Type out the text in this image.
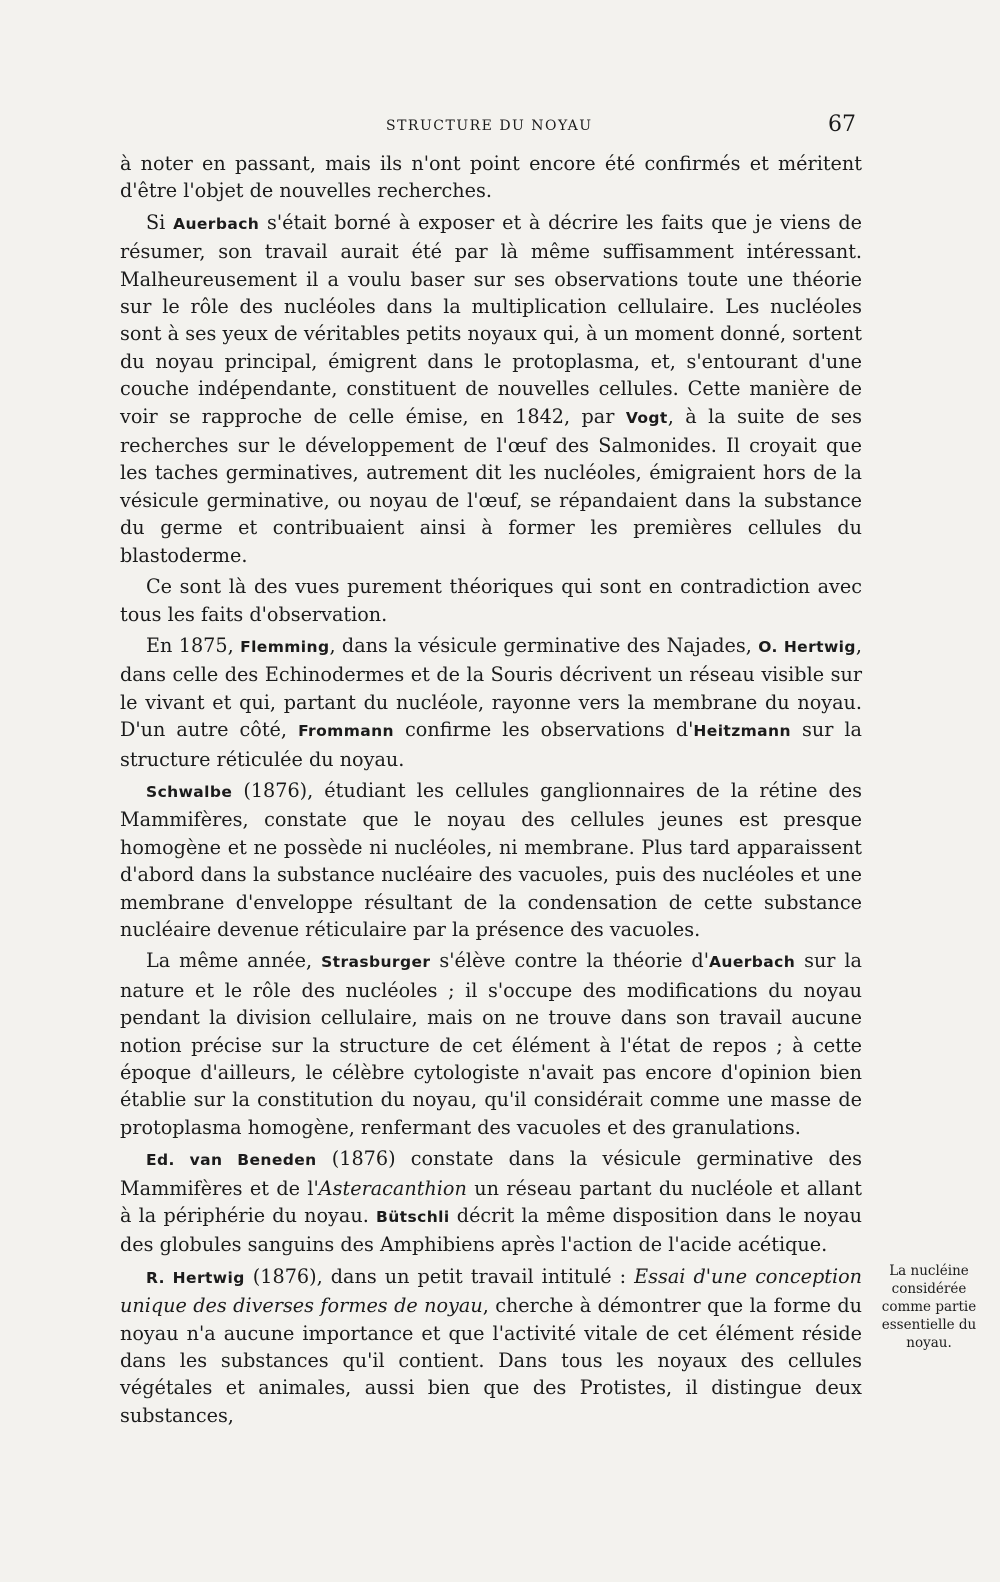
STRUCTURE DU NOYAU	67

à noter en passant, mais ils n'ont point encore été confirmés et méritent d'être l'objet de nouvelles recherches.

Si Auerbach s'était borné à exposer et à décrire les faits que je viens de résumer, son travail aurait été par là même suffisamment intéressant. Malheureusement il a voulu baser sur ses observations toute une théorie sur le rôle des nucléoles dans la multiplication cellulaire. Les nucléoles sont à ses yeux de véritables petits noyaux qui, à un moment donné, sortent du noyau principal, émigrent dans le protoplasma, et, s'entourant d'une couche indépendante, constituent de nouvelles cellules. Cette manière de voir se rapproche de celle émise, en 1842, par Vogt, à la suite de ses recherches sur le développement de l'œuf des Salmonides. Il croyait que les taches germinatives, autrement dit les nucléoles, émigraient hors de la vésicule germinative, ou noyau de l'œuf, se répandaient dans la substance du germe et contribuaient ainsi à former les premières cellules du blastoderme.

Ce sont là des vues purement théoriques qui sont en contradiction avec tous les faits d'observation.

En 1875, Flemming, dans la vésicule germinative des Najades, O. Hertwig, dans celle des Echinodermes et de la Souris décrivent un réseau visible sur le vivant et qui, partant du nucléole, rayonne vers la membrane du noyau. D'un autre côté, Frommann confirme les observations d'Heitzmann sur la structure réticulée du noyau.

Schwalbe (1876), étudiant les cellules ganglionnaires de la rétine des Mammifères, constate que le noyau des cellules jeunes est presque homogène et ne possède ni nucléoles, ni membrane. Plus tard apparaissent d'abord dans la substance nucléaire des vacuoles, puis des nucléoles et une membrane d'enveloppe résultant de la condensation de cette substance nucléaire devenue réticulaire par la présence des vacuoles.

La même année, Strasburger s'élève contre la théorie d'Auerbach sur la nature et le rôle des nucléoles ; il s'occupe des modifications du noyau pendant la division cellulaire, mais on ne trouve dans son travail aucune notion précise sur la structure de cet élément à l'état de repos ; à cette époque d'ailleurs, le célèbre cytologiste n'avait pas encore d'opinion bien établie sur la constitution du noyau, qu'il considérait comme une masse de protoplasma homogène, renfermant des vacuoles et des granulations.

Ed. van Beneden (1876) constate dans la vésicule germinative des Mammifères et de l'Asteracanthion un réseau partant du nucléole et allant à la périphérie du noyau. Bütschli décrit la même disposition dans le noyau des globules sanguins des Amphibiens après l'action de l'acide acétique.

R. Hertwig (1876), dans un petit travail intitulé : Essai d'une conception unique des diverses formes de noyau, cherche à démontrer que la forme du noyau n'a aucune importance et que l'activité vitale de cet élément réside dans les substances qu'il contient. Dans tous les noyaux des cellules végétales et animales, aussi bien que des Protistes, il distingue deux substances,

La nucléine
considérée
comme partie
essentielle du
noyau.
